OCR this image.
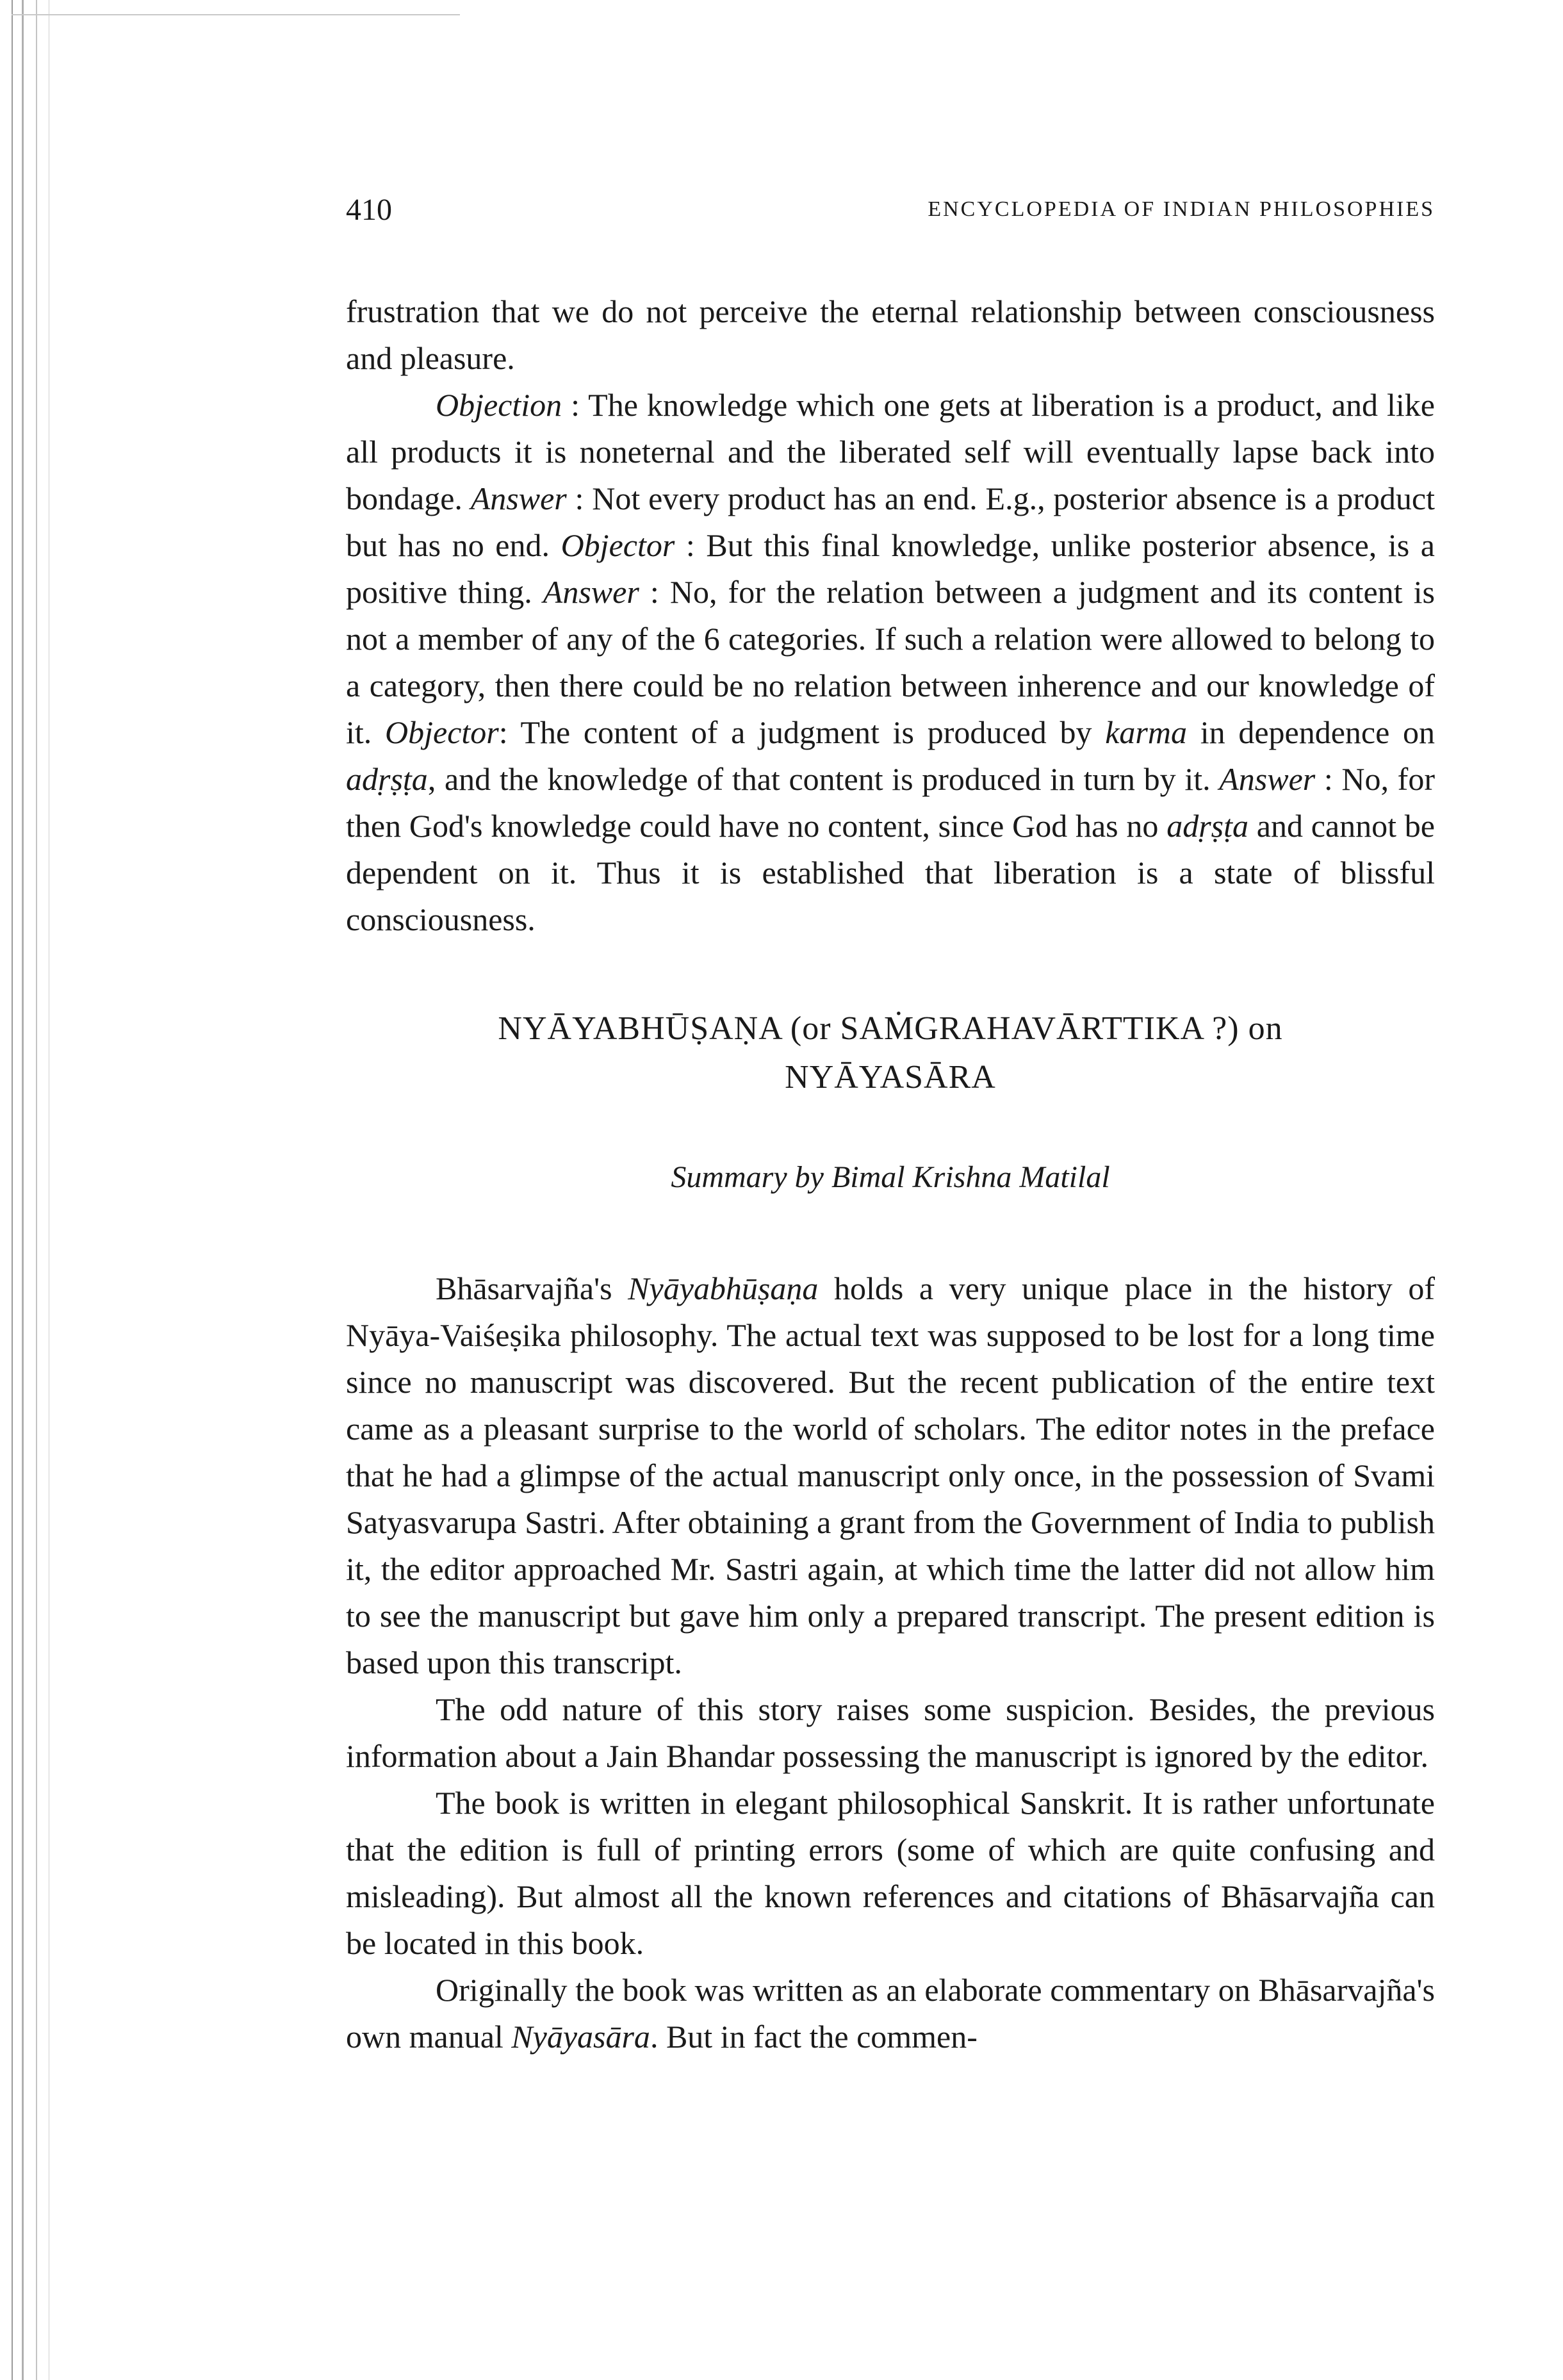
410	ENCYCLOPEDIA OF INDIAN PHILOSOPHIES

frustration that we do not perceive the eternal relationship between consciousness and pleasure.

Objection : The knowledge which one gets at liberation is a product, and like all products it is noneternal and the liberated self will eventually lapse back into bondage. Answer : Not every product has an end. E.g., posterior absence is a product but has no end. Objector : But this final knowledge, unlike posterior absence, is a positive thing. Answer : No, for the relation between a judgment and its content is not a member of any of the 6 categories. If such a relation were allowed to belong to a category, then there could be no relation between inherence and our knowledge of it. Objector: The content of a judgment is produced by karma in dependence on adṛṣṭa, and the knowledge of that content is produced in turn by it. Answer : No, for then God's knowledge could have no content, since God has no adṛṣṭa and cannot be dependent on it. Thus it is established that liberation is a state of blissful consciousness.

NYĀYABHŪṢAṆA (or SAṀGRAHAVĀRTTIKA ?) on
NYĀYASĀRA
Summary by Bimal Krishna Matilal

Bhāsarvajña's Nyāyabhūṣaṇa holds a very unique place in the history of Nyāya-Vaiśeṣika philosophy. The actual text was supposed to be lost for a long time since no manuscript was discovered. But the recent publication of the entire text came as a pleasant surprise to the world of scholars. The editor notes in the preface that he had a glimpse of the actual manuscript only once, in the possession of Svami Satyasvarupa Sastri. After obtaining a grant from the Government of India to publish it, the editor approached Mr. Sastri again, at which time the latter did not allow him to see the manuscript but gave him only a prepared transcript. The present edition is based upon this transcript.

The odd nature of this story raises some suspicion. Besides, the previous information about a Jain Bhandar possessing the manuscript is ignored by the editor.

The book is written in elegant philosophical Sanskrit. It is rather unfortunate that the edition is full of printing errors (some of which are quite confusing and misleading). But almost all the known references and citations of Bhāsarvajña can be located in this book.

Originally the book was written as an elaborate commentary on Bhāsarvajña's own manual Nyāyasāra. But in fact the commen-
